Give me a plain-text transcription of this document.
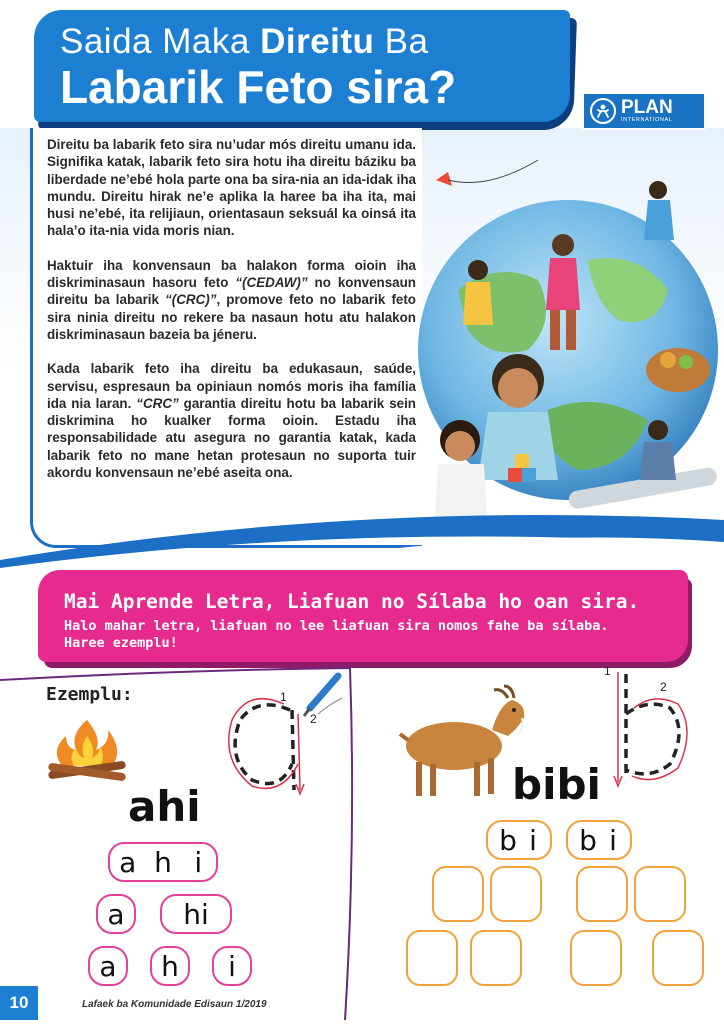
Saida Maka Direitu Ba
Labarik Feto sira?	PLAN
INTERNATIONAL

Direitu ba labarik feto sira nu’udar mós direitu umanu ida. Signifika katak, labarik feto sira hotu iha direitu báziku ba liberdade ne’ebé hola parte ona ba sira-nia an ida-idak iha mundu. Direitu hirak ne’e aplika la haree ba iha ita, mai husi ne’ebé, ita relijiaun, orientasaun seksuál ka oinsá ita hala’o ita-nia vida moris nian.

Haktuir iha konvensaun ba halakon forma oioin iha diskriminasaun hasoru feto “(CEDAW)” no konvensaun direitu ba labarik “(CRC)”, promove feto no labarik feto sira ninia direitu no rekere ba nasaun hotu atu halakon diskriminasaun bazeia ba jéneru.

Kada labarik feto iha direitu ba edukasaun, saúde, servisu, espresaun ba opiniaun nomós moris iha família ida nia laran. “CRC” garantia direitu hotu ba labarik sein diskrimina ho kualker forma oioin. Estadu iha responsabilidade atu asegura no garantia katak, kada labarik feto no mane hetan protesaun no suporta tuir akordu konvensaun ne’ebé aseita ona.

Mai Aprende Letra, Liafuan no Sílaba ho oan sira.
Halo mahar letra, liafuan no lee liafuan sira nomos fahe ba sílaba.
Haree ezemplu!
Ezemplu:	1
2
ahi
a h i
a hi
a h i
1
2
bibi
b i b i
10	Lafaek ba Komunidade Edisaun 1/2019
